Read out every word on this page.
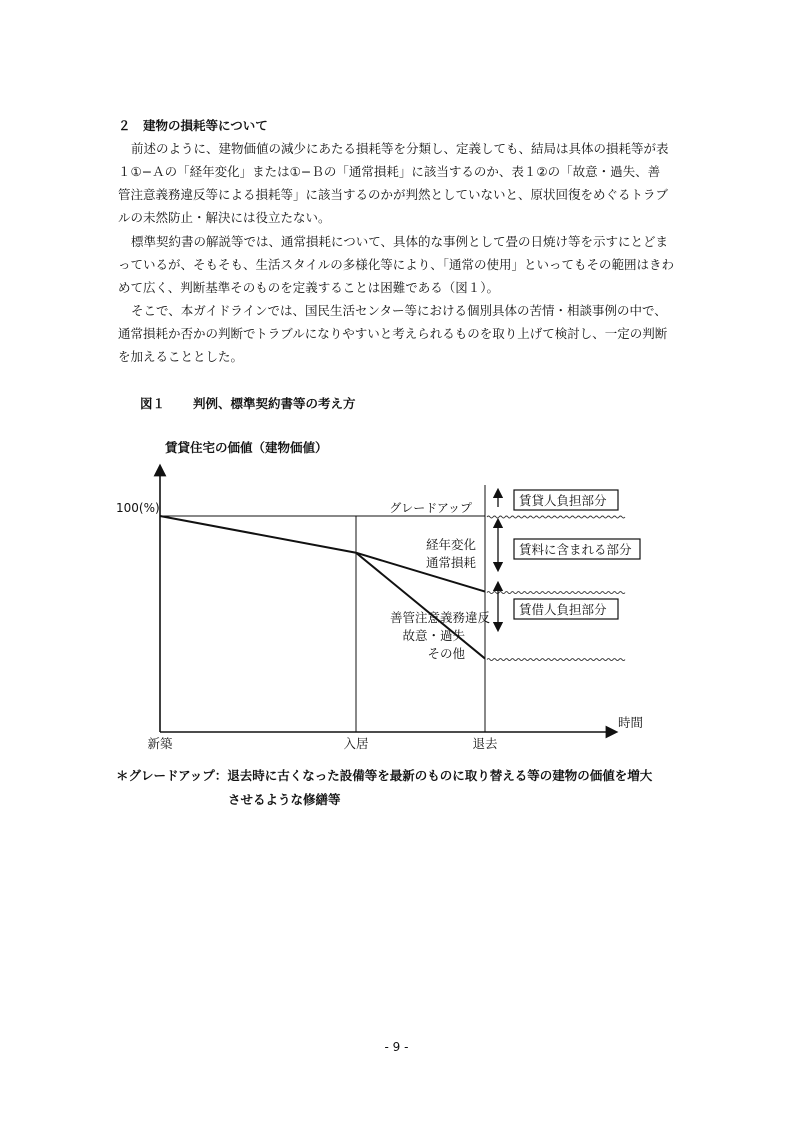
２　建物の損耗等について
前述のように、建物価値の減少にあたる損耗等を分類し、定義しても、結局は具体の損耗等が表
１①−Ａの「経年変化」または①−Ｂの「通常損耗」に該当するのか、表１②の「故意・過失、善
管注意義務違反等による損耗等」に該当するのかが判然としていないと、原状回復をめぐるトラブ
ルの未然防止・解決には役立たない。
標準契約書の解説等では、通常損耗について、具体的な事例として畳の日焼け等を示すにとどま
っているが、そもそも、生活スタイルの多様化等により、「通常の使用」といってもその範囲はきわ
めて広く、判断基準そのものを定義することは困難である（図１）。
そこで、本ガイドラインでは、国民生活センター等における個別具体の苦情・相談事例の中で、
通常損耗か否かの判断でトラブルになりやすいと考えられるものを取り上げて検討し、一定の判断
を加えることとした。
図１ 判例、標準契約書等の考え方
賃貸住宅の価値（建物価値）
時間
100(%)
新築	入居	退去
グレードアップ
経年変化
通常損耗
善管注意義務違反
故意・過失
その他
賃貸人負担部分
賃料に含まれる部分
賃借人負担部分
＊グレードアップ：退去時に古くなった設備等を最新のものに取り替える等の建物の価値を増大
させるような修繕等
- 9 -
